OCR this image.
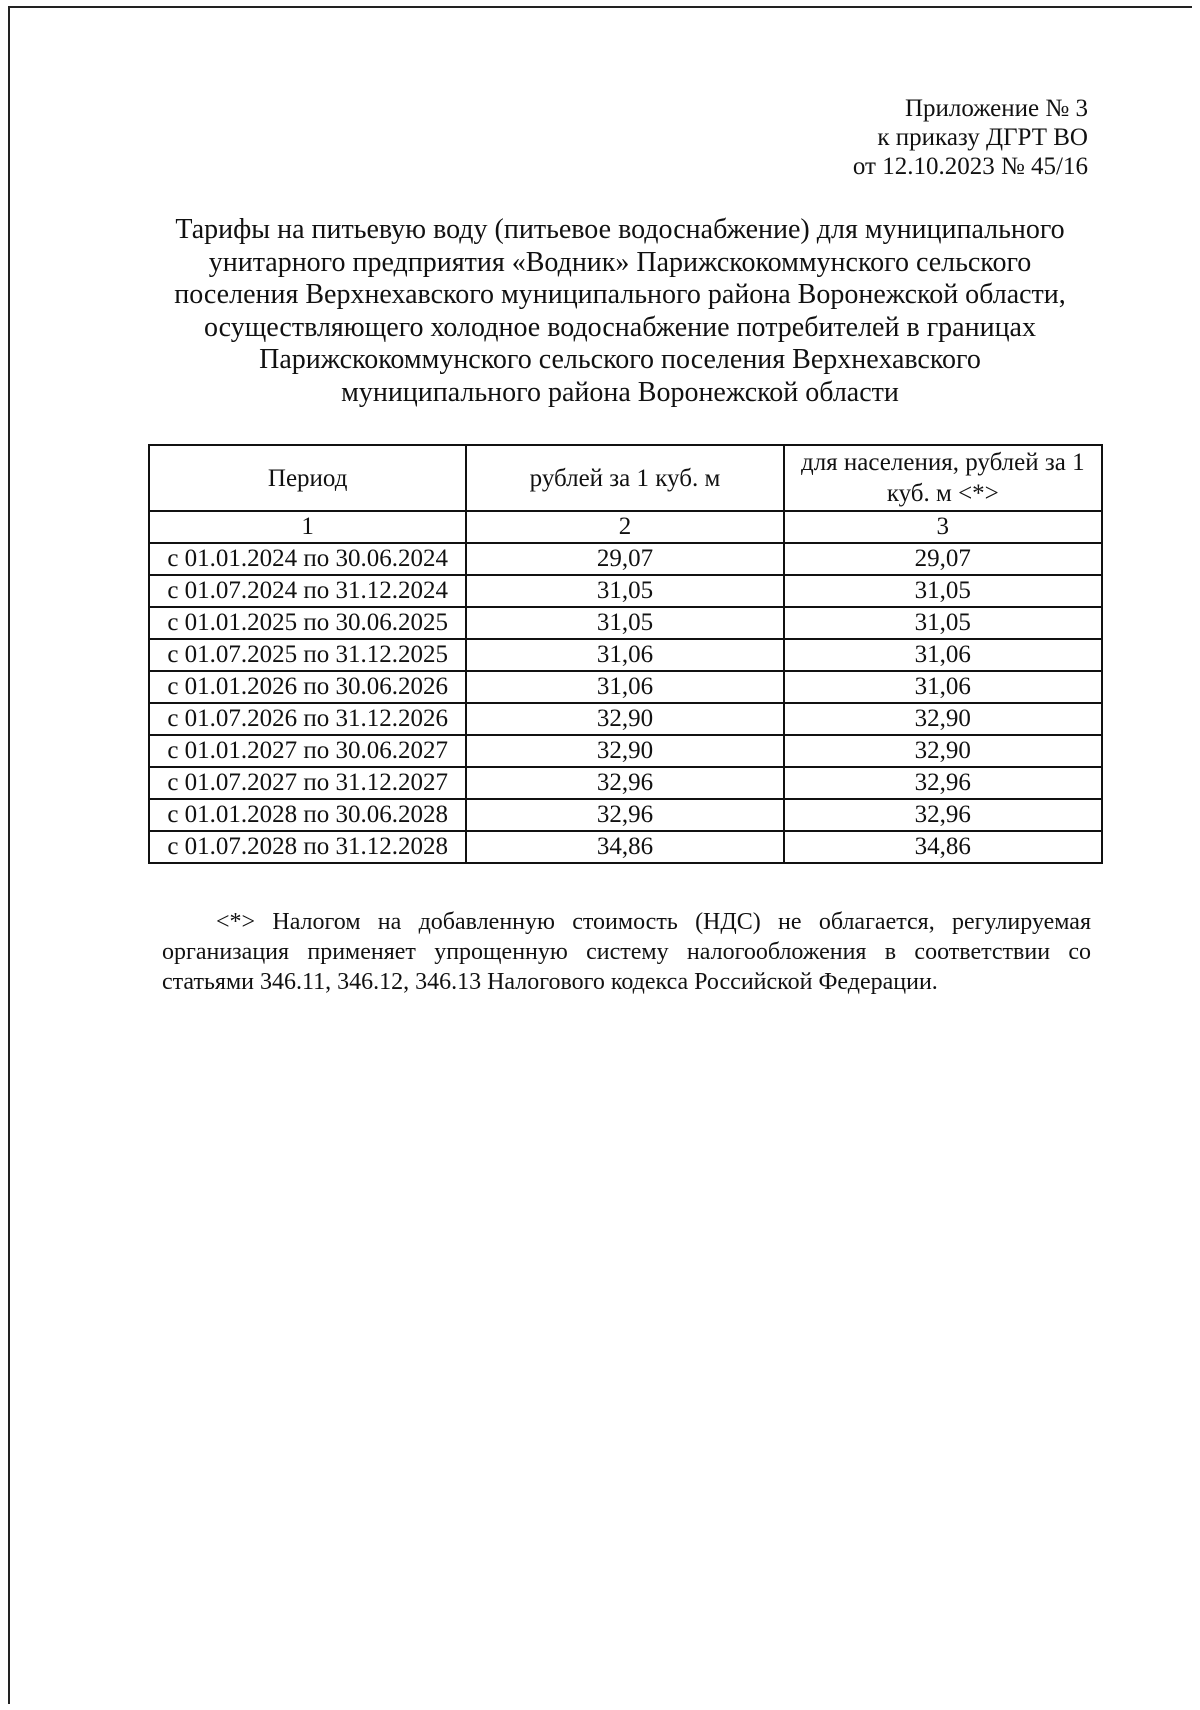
Приложение № 3
к приказу ДГРТ ВО
от 12.10.2023 № 45/16
Тарифы на питьевую воду (питьевое водоснабжение) для муниципального
унитарного предприятия «Водник» Парижскокоммунского сельского
поселения Верхнехавского муниципального района Воронежской области,
осуществляющего холодное водоснабжение потребителей в границах
Парижскокоммунского сельского поселения Верхнехавского
муниципального района Воронежской области
Период	рублей за 1 куб. м	для населения, рублей за 1 куб. м <*>
1	2	3
с 01.01.2024 по 30.06.2024	29,07	29,07
с 01.07.2024 по 31.12.2024	31,05	31,05
с 01.01.2025 по 30.06.2025	31,05	31,05
с 01.07.2025 по 31.12.2025	31,06	31,06
с 01.01.2026 по 30.06.2026	31,06	31,06
с 01.07.2026 по 31.12.2026	32,90	32,90
с 01.01.2027 по 30.06.2027	32,90	32,90
с 01.07.2027 по 31.12.2027	32,96	32,96
с 01.01.2028 по 30.06.2028	32,96	32,96
с 01.07.2028 по 31.12.2028	34,86	34,86
<*> Налогом на добавленную стоимость (НДС) не облагается, регулируемая организация применяет упрощенную систему налогообложения в соответствии со статьями 346.11, 346.12, 346.13 Налогового кодекса Российской Федерации.
